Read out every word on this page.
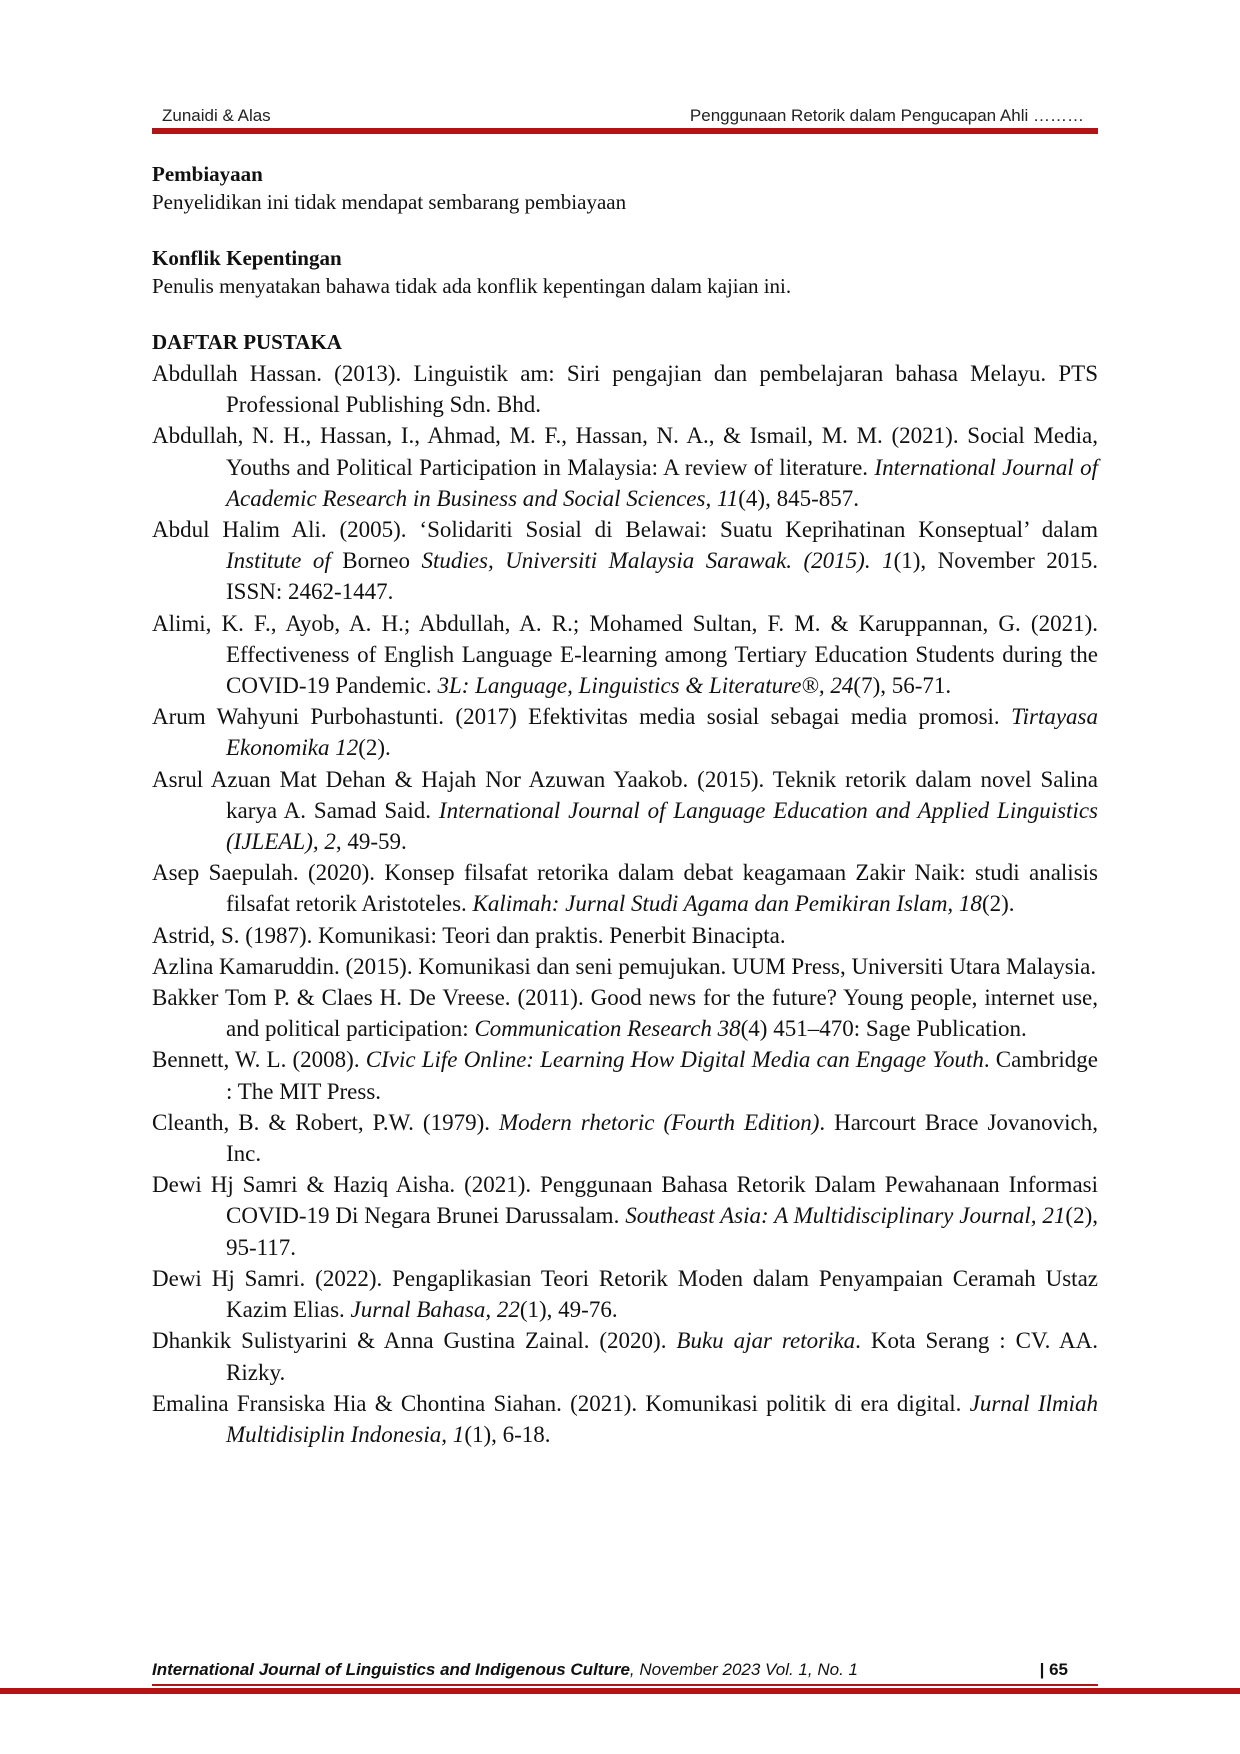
Zunaidi & Alas	Penggunaan Retorik dalam Pengucapan Ahli ………

Pembiayaan

Penyelidikan ini tidak mendapat sembarang pembiayaan

Konflik Kepentingan

Penulis menyatakan bahawa tidak ada konflik kepentingan dalam kajian ini.

DAFTAR PUSTAKA

Abdullah Hassan. (2013). Linguistik am: Siri pengajian dan pembelajaran bahasa Melayu. PTS Professional Publishing Sdn. Bhd.
Abdullah, N. H., Hassan, I., Ahmad, M. F., Hassan, N. A., & Ismail, M. M. (2021). Social Media, Youths and Political Participation in Malaysia: A review of literature. International Journal of Academic Research in Business and Social Sciences, 11(4), 845-857.
Abdul Halim Ali. (2005). ‘Solidariti Sosial di Belawai: Suatu Keprihatinan Konseptual’ dalam Institute of Borneo Studies, Universiti Malaysia Sarawak. (2015). 1(1), November 2015. ISSN: 2462-1447.
Alimi, K. F., Ayob, A. H.; Abdullah, A. R.; Mohamed Sultan, F. M. & Karuppannan, G. (2021). Effectiveness of English Language E-learning among Tertiary Education Students during the COVID-19 Pandemic. 3L: Language, Linguistics & Literature®, 24(7), 56-71.
Arum Wahyuni Purbohastunti. (2017) Efektivitas media sosial sebagai media promosi. Tirtayasa Ekonomika 12(2).
Asrul Azuan Mat Dehan & Hajah Nor Azuwan Yaakob. (2015). Teknik retorik dalam novel Salina karya A. Samad Said. International Journal of Language Education and Applied Linguistics (IJLEAL), 2, 49-59.
Asep Saepulah. (2020). Konsep filsafat retorika dalam debat keagamaan Zakir Naik: studi analisis filsafat retorik Aristoteles. Kalimah: Jurnal Studi Agama dan Pemikiran Islam, 18(2).
Astrid, S. (1987). Komunikasi: Teori dan praktis. Penerbit Binacipta.
Azlina Kamaruddin. (2015). Komunikasi dan seni pemujukan. UUM Press, Universiti Utara Malaysia.
Bakker Tom P. & Claes H. De Vreese. (2011). Good news for the future? Young people, internet use, and political participation: Communication Research 38(4) 451–470: Sage Publication.
Bennett, W. L. (2008). CIvic Life Online: Learning How Digital Media can Engage Youth. Cambridge : The MIT Press.
Cleanth, B. & Robert, P.W. (1979). Modern rhetoric (Fourth Edition). Harcourt Brace Jovanovich, Inc.
Dewi Hj Samri & Haziq Aisha. (2021). Penggunaan Bahasa Retorik Dalam Pewahanaan Informasi COVID-19 Di Negara Brunei Darussalam. Southeast Asia: A Multidisciplinary Journal, 21(2), 95-117.
Dewi Hj Samri. (2022). Pengaplikasian Teori Retorik Moden dalam Penyampaian Ceramah Ustaz Kazim Elias. Jurnal Bahasa, 22(1), 49-76.
Dhankik Sulistyarini & Anna Gustina Zainal. (2020). Buku ajar retorika. Kota Serang : CV. AA. Rizky.
Emalina Fransiska Hia & Chontina Siahan. (2021). Komunikasi politik di era digital. Jurnal Ilmiah Multidisiplin Indonesia, 1(1), 6-18.
International Journal of Linguistics and Indigenous Culture, November 2023 Vol. 1, No. 1	| 65
